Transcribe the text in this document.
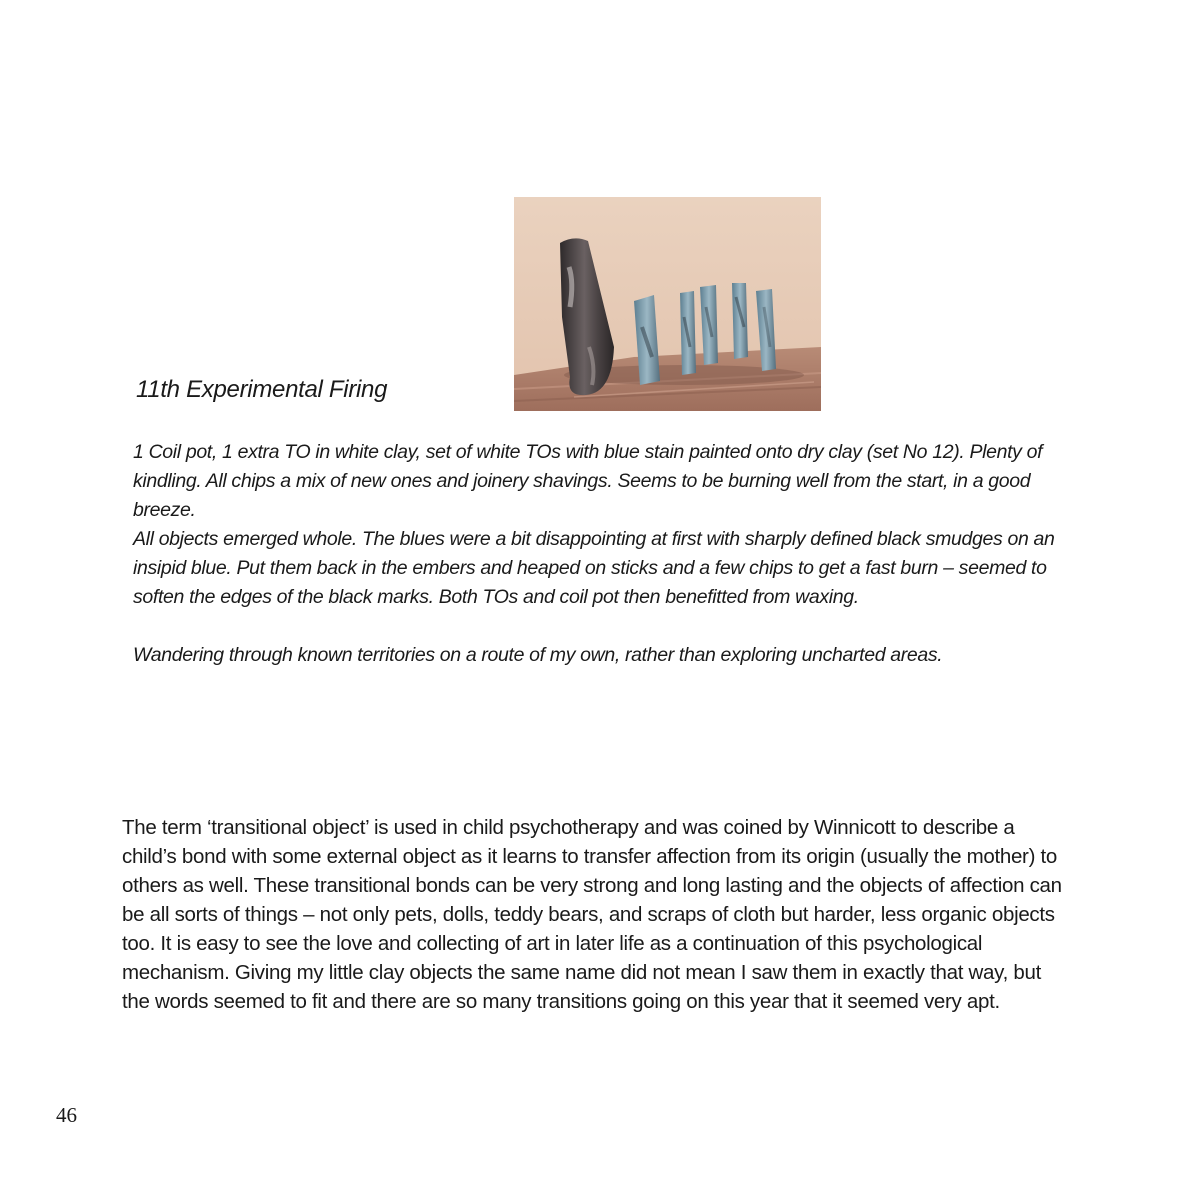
11th Experimental Firing

1 Coil pot, 1 extra TO in white clay, set of white TOs with blue stain painted onto dry clay (set No 12). Plenty of kindling. All chips a mix of new ones and joinery shavings. Seems to be burning well from the start, in a good breeze.

All objects emerged whole. The blues were a bit disappointing at first with sharply defined black smudges on an insipid blue. Put them back in the embers and heaped on sticks and a few chips to get a fast burn – seemed to soften the edges of the black marks. Both TOs and coil pot then benefitted from waxing.

Wandering through known territories on a route of my own, rather than exploring uncharted areas.

The term ‘transitional object’ is used in child psychotherapy and was coined by Winnicott to describe a child’s bond with some external object as it learns to transfer affection from its origin (usually the mother) to others as well. These transitional bonds can be very strong and long lasting and the objects of affection can be all sorts of things – not only pets, dolls, teddy bears, and scraps of cloth but harder, less organic objects too. It is easy to see the love and collecting of art in later life as a continuation of this psychological mechanism. Giving my little clay objects the same name did not mean I saw them in exactly that way, but the words seemed to fit and there are so many transitions going on this year that it seemed very apt.

46
